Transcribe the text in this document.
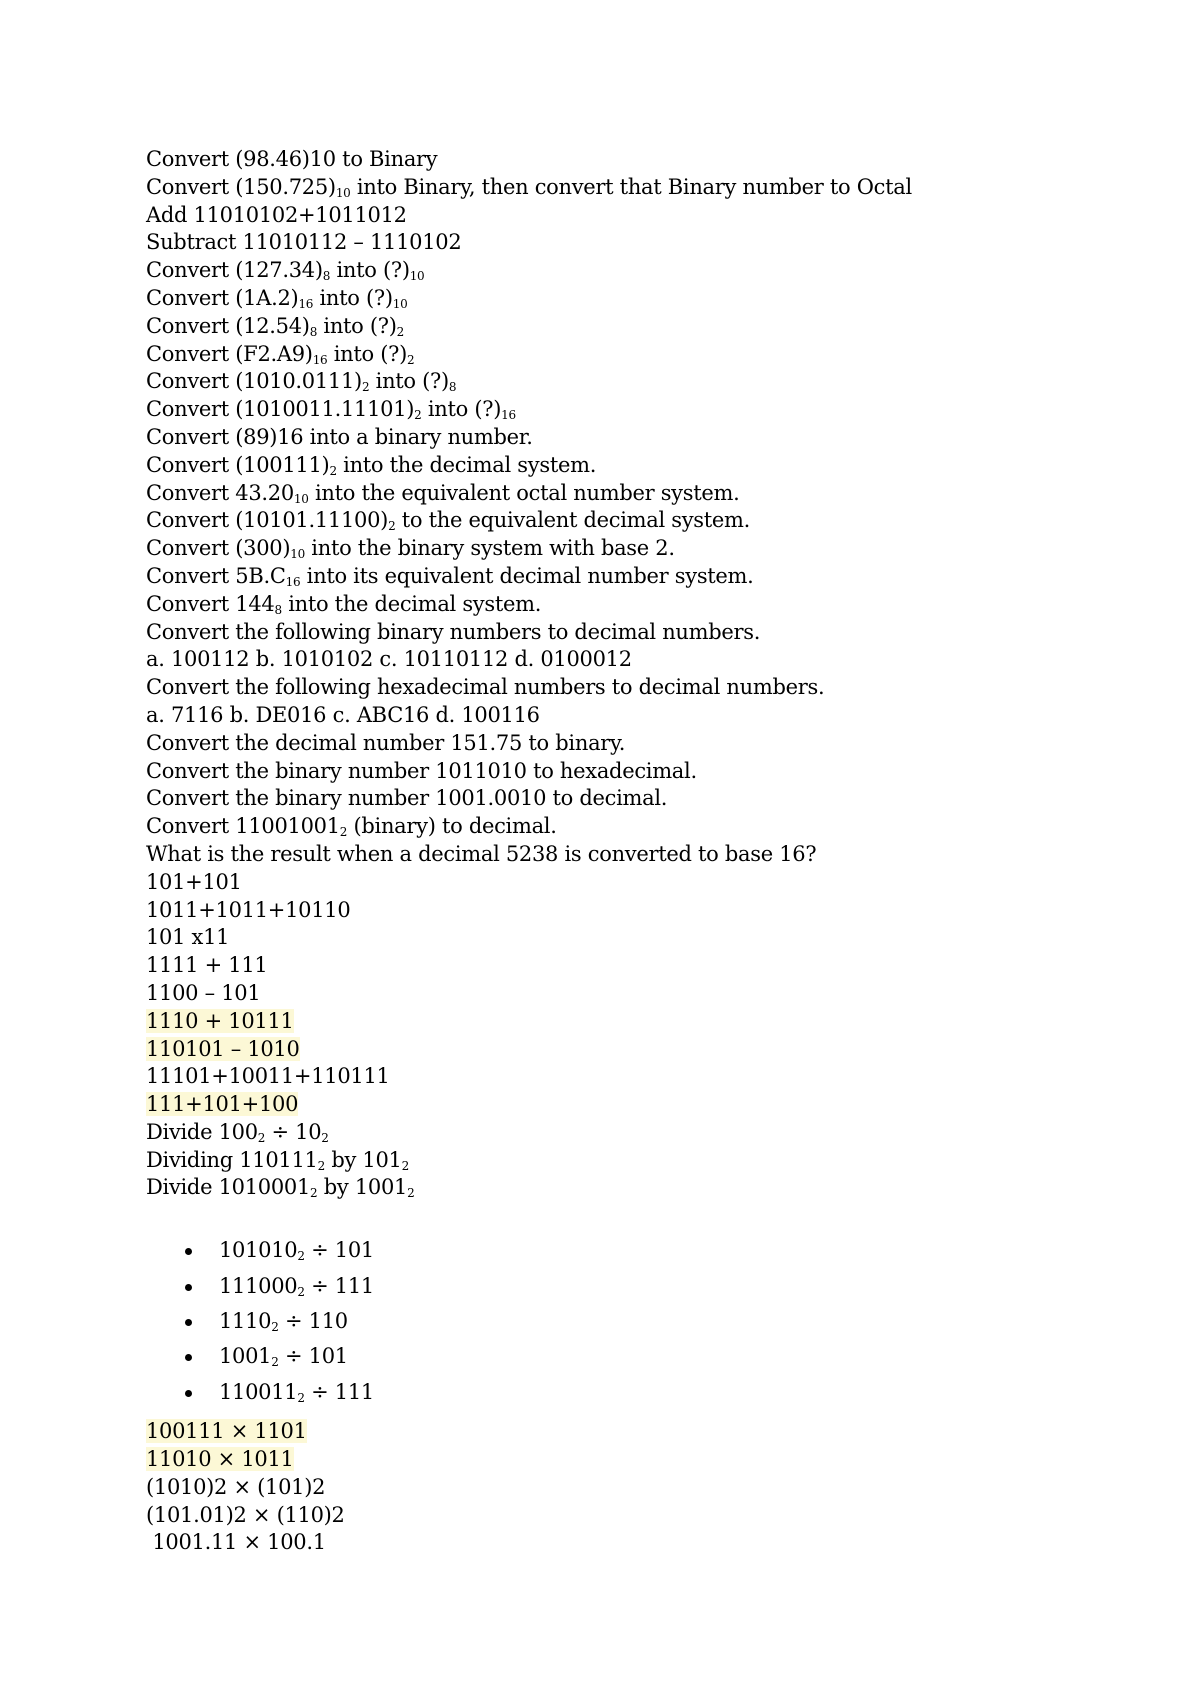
Convert (98.46)10 to Binary
Convert $(150.725)_{10}$ into Binary, then convert that Binary number to Octal
Add 11010102+1011012
Subtract 11010112 – 1110102
Convert $(127.34)_8$ into $(?)_{10}$
Convert $(1A.2)_{16}$ into $(?)_{10}$
Convert $(12.54)_8$ into $(?)_2$
Convert $(F2.A9)_{16}$ into $(?)_2$
Convert $(1010.0111)_2$ into $(?)_8$
Convert $(1010011.11101)_2$ into $(?)_{16}$
Convert (89)16 into a binary number.
Convert $(100111)_2$ into the decimal system.
Convert $43.20_{10}$ into the equivalent octal number system.
Convert $(10101.11100)_2$ to the equivalent decimal system.
Convert $(300)_{10}$ into the binary system with base 2.
Convert $5B.C_{16}$ into its equivalent decimal number system.
Convert $144_8$ into the decimal system.
Convert the following binary numbers to decimal numbers.
a. 100112 b. 1010102 c. 10110112 d. 0100012
Convert the following hexadecimal numbers to decimal numbers.
a. 7116 b. DE016 c. ABC16 d. 100116
Convert the decimal number 151.75 to binary.
Convert the binary number 1011010 to hexadecimal.
Convert the binary number 1001.0010 to decimal.
Convert $11001001_2$ (binary) to decimal.
What is the result when a decimal 5238 is converted to base 16?
101+101
1011+1011+10110
101 x11
1111 + 111
1100 – 101
1110 + 10111
110101 – 1010
11101+10011+110111
111+101+100
Divide $100_2 \div 10_2$
Dividing $110111_2$ by $101_2$
Divide $1010001_2$ by $1001_2$
$101010_2 \div 101$
$111000_2 \div 111$
$1110_2 \div 110$
$1001_2 \div 101$
$110011_2 \div 111$
100111 × 1101
11010 × 1011
(1010)2 × (101)2
(101.01)2 × (110)2
1001.11 × 100.1
